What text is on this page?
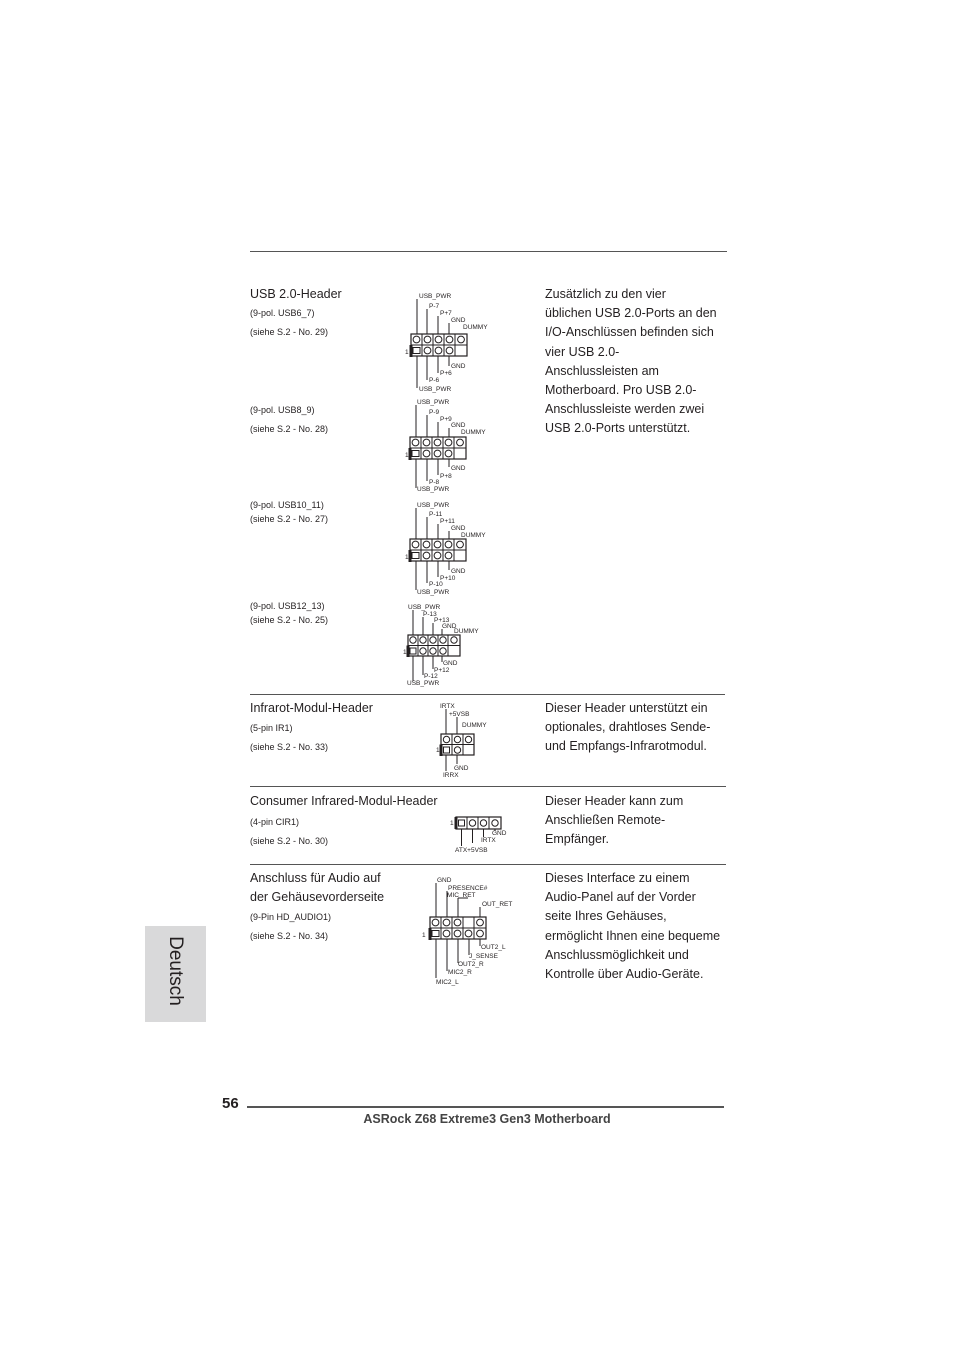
USB 2.0-Header
(9-pol. USB6_7)
(siehe S.2 - No. 29)
(9-pol. USB8_9)
(siehe S.2 - No. 28)
(9-pol. USB10_11)
(siehe S.2 - No. 27)
(9-pol. USB12_13)
(siehe S.2 - No. 25)
Zusätzlich zu den vier
üblichen USB 2.0-Ports an den
I/O-Anschlüssen befinden sich
vier USB 2.0-
Anschlussleisten am
Motherboard. Pro USB 2.0-
Anschlussleiste werden zwei
USB 2.0-Ports unterstützt.
USB_PWR
P-7
P+7
GND
DUMMY
1
GND
P+6
P-6
USB_PWR
USB_PWR
P-9
P+9
GND
DUMMY
1
GND
P+8
P-8
USB_PWR
USB_PWR
P-11
P+11
GND
DUMMY
1
GND
P+10
P-10
USB_PWR
USB_PWR
P-13
P+13
GND
DUMMY
1
GND
P+12
P-12
USB_PWR
Infrarot-Modul-Header
(5-pin IR1)
(siehe S.2 - No. 33)
Dieser Header unterstützt ein
optionales, drahtloses Sende-
und Empfangs-Infrarotmodul.
IRTX
+5VSB
DUMMY
1
GND
IRRX
Consumer Infrared-Modul-Header
(4-pin CIR1)
(siehe S.2 - No. 30)
Dieser Header kann zum
Anschließen Remote-
Empfänger.
1
GND
IRTX
ATX+5VSB
Anschluss für Audio auf
der Gehäusevorderseite
(9-Pin HD_AUDIO1)
(siehe S.2 - No. 34)
Dieses Interface zu einem
Audio-Panel auf der Vorder
seite Ihres Gehäuses,
ermöglicht Ihnen eine bequeme
Anschlussmöglichkeit und
Kontrolle über Audio-Geräte.
GND
PRESENCE#
MIC_RET
OUT_RET
1
OUT2_L
J_SENSE
OUT2_R
MIC2_R
MIC2_L
Deutsch
56
ASRock Z68 Extreme3 Gen3 Motherboard
